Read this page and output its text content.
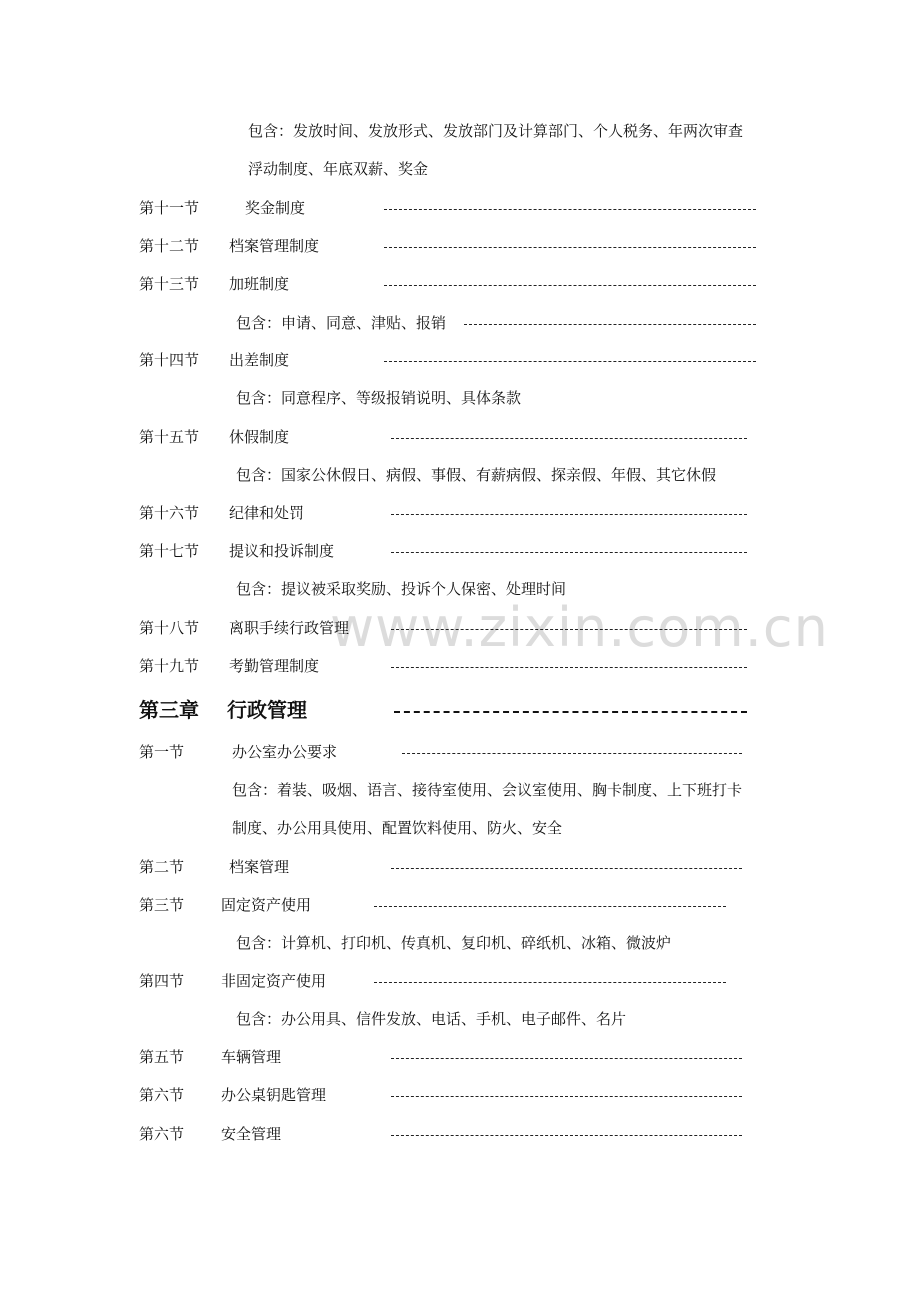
www.zixin.com.cn
包含：发放时间、发放形式、发放部门及计算部门、个人税务、年两次审查
浮动制度、年底双薪、奖金
第十一节	奖金制度
第十二节 档案管理制度
第十三节 加班制度
包含：申请、同意、津贴、报销
第十四节 出差制度
包含：同意程序、等级报销说明、具体条款
第十五节 休假制度
包含：国家公休假日、病假、事假、有薪病假、探亲假、年假、其它休假
第十六节 纪律和处罚
第十七节 提议和投诉制度
包含：提议被采取奖励、投诉个人保密、处理时间
第十八节 离职手续行政管理
第十九节 考勤管理制度
第三章 行政管理
第一节	办公室办公要求
包含：着装、吸烟、语言、接待室使用、会议室使用、胸卡制度、上下班打卡
制度、办公用具使用、配置饮料使用、防火、安全
第二节	档案管理
第三节 固定资产使用
包含：计算机、打印机、传真机、复印机、碎纸机、冰箱、微波炉
第四节 非固定资产使用
包含：办公用具、信件发放、电话、手机、电子邮件、名片
第五节 车辆管理
第六节 办公桌钥匙管理
第六节 安全管理
